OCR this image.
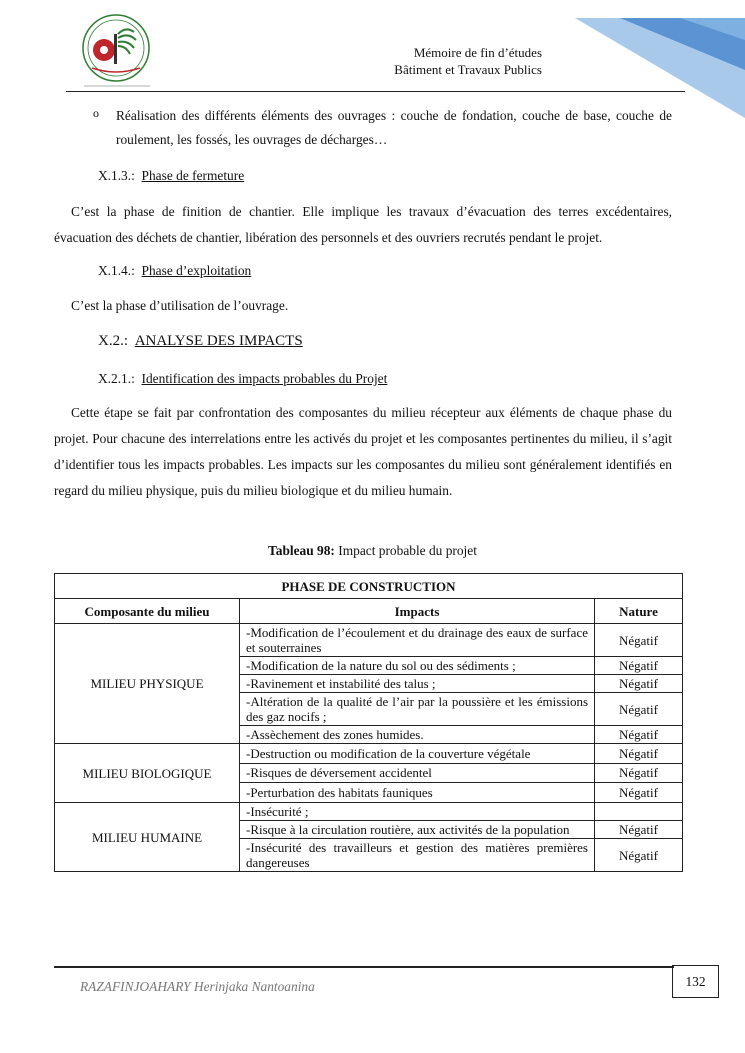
Mémoire de fin d’études
Bâtiment et Travaux Publics
o Réalisation des différents éléments des ouvrages : couche de fondation, couche de base, couche de roulement, les fossés, les ouvrages de décharges…

X.1.3.: Phase de fermeture

C’est la phase de finition de chantier. Elle implique les travaux d’évacuation des terres excédentaires, évacuation des déchets de chantier, libération des personnels et des ouvriers recrutés pendant le projet.

X.1.4.: Phase d’exploitation

C’est la phase d’utilisation de l’ouvrage.

X.2.: ANALYSE DES IMPACTS
X.2.1.: Identification des impacts probables du Projet

Cette étape se fait par confrontation des composantes du milieu récepteur aux éléments de chaque phase du projet. Pour chacune des interrelations entre les activés du projet et les composantes pertinentes du milieu, il s’agit d’identifier tous les impacts probables. Les impacts sur les composantes du milieu sont généralement identifiés en regard du milieu physique, puis du milieu biologique et du milieu humain.

Tableau 98: Impact probable du projet
PHASE DE CONSTRUCTION		
Composante du milieu	Impacts	Nature
MILIEU PHYSIQUE	-Modification de l’écoulement et du drainage des eaux de surface et souterraines	Négatif
	-Modification de la nature du sol ou des sédiments ;	Négatif
	-Ravinement et instabilité des talus ;	Négatif
	-Altération de la qualité de l’air par la poussière et les émissions des gaz nocifs ;	Négatif
	-Assèchement des zones humides.	Négatif
MILIEU BIOLOGIQUE	-Destruction ou modification de la couverture végétale	Négatif
	-Risques de déversement accidentel	Négatif
	-Perturbation des habitats fauniques	Négatif
MILIEU HUMAINE	-Insécurité ;	
	-Risque à la circulation routière, aux activités de la population	Négatif
	-Insécurité des travailleurs et gestion des matières premières dangereuses	Négatif
RAZAFINJOAHARY Herinjaka Nantoanina	132
